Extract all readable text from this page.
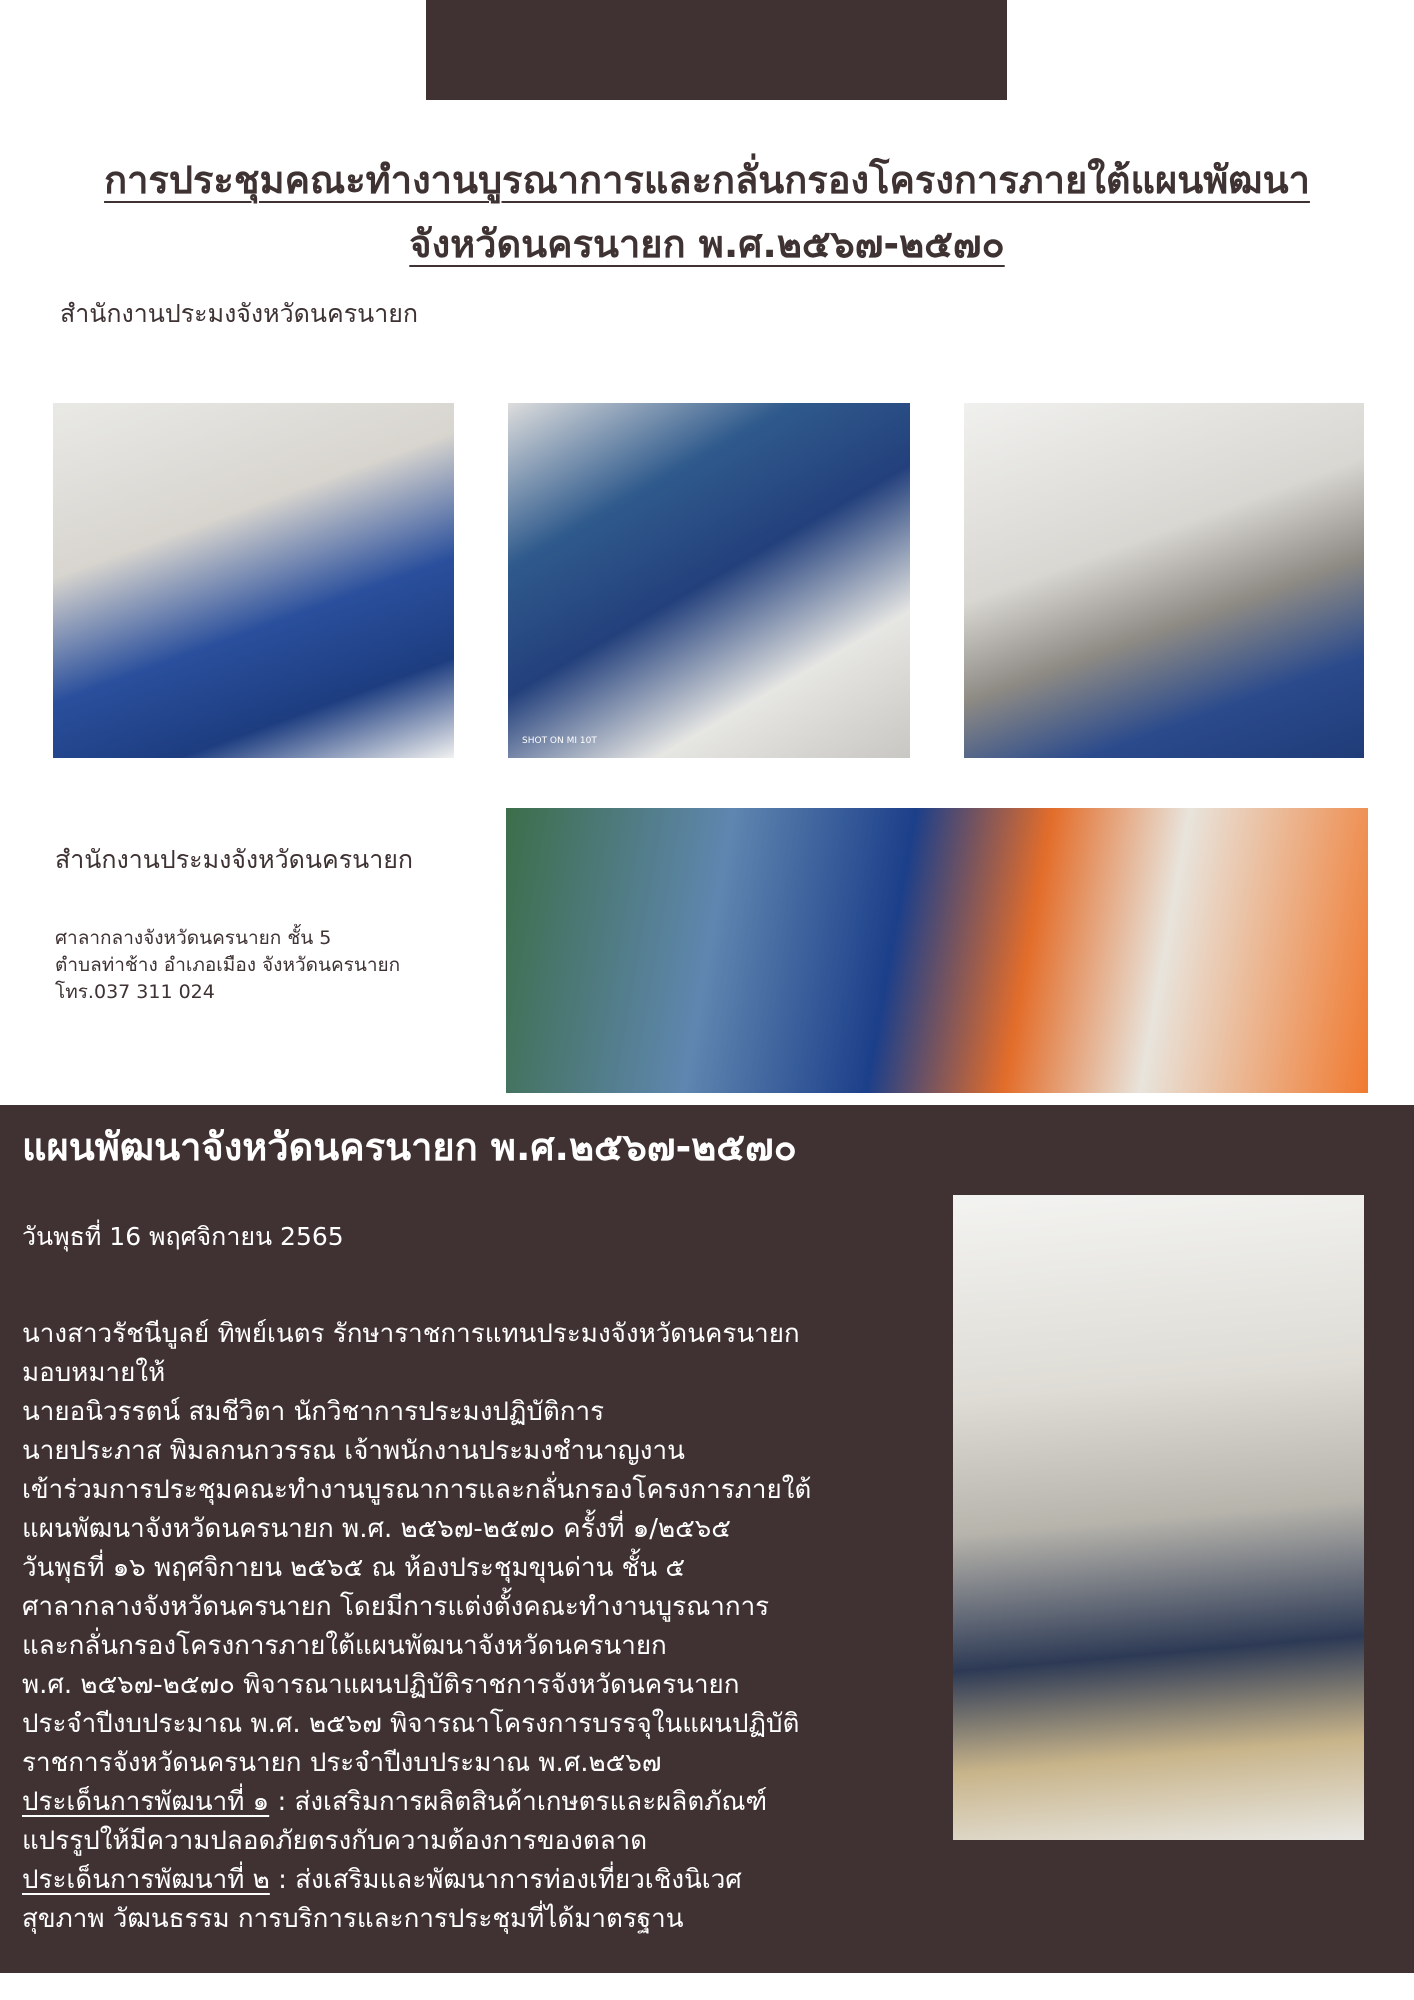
การประชุมคณะทำงานบูรณาการและกลั่นกรองโครงการภายใต้แผนพัฒนา
จังหวัดนครนายก พ.ศ.๒๕๖๗-๒๕๗๐
สำนักงานประมงจังหวัดนครนายก
SHOT ON MI 10T
สำนักงานประมงจังหวัดนครนายก
ศาลากลางจังหวัดนครนายก ชั้น 5
ตำบลท่าช้าง อำเภอเมือง จังหวัดนครนายก
โทร.037 311 024
แผนพัฒนาจังหวัดนครนายก พ.ศ.๒๕๖๗-๒๕๗๐
วันพุธที่ 16 พฤศจิกายน 2565
นางสาวรัชนีบูลย์ ทิพย์เนตร รักษาราชการแทนประมงจังหวัดนครนายก
มอบหมายให้
นายอนิวรรตน์ สมชีวิตา นักวิชาการประมงปฏิบัติการ
นายประภาส พิมลกนกวรรณ เจ้าพนักงานประมงชำนาญงาน
เข้าร่วมการประชุมคณะทำงานบูรณาการและกลั่นกรองโครงการภายใต้
แผนพัฒนาจังหวัดนครนายก พ.ศ. ๒๕๖๗-๒๕๗๐ ครั้งที่ ๑/๒๕๖๕
วันพุธที่ ๑๖ พฤศจิกายน ๒๕๖๕ ณ ห้องประชุมขุนด่าน ชั้น ๕
ศาลากลางจังหวัดนครนายก โดยมีการแต่งตั้งคณะทำงานบูรณาการ
และกลั่นกรองโครงการภายใต้แผนพัฒนาจังหวัดนครนายก
พ.ศ. ๒๕๖๗-๒๕๗๐ พิจารณาแผนปฏิบัติราชการจังหวัดนครนายก
ประจำปีงบประมาณ พ.ศ. ๒๕๖๗ พิจารณาโครงการบรรจุในแผนปฏิบัติ
ราชการจังหวัดนครนายก ประจำปีงบประมาณ พ.ศ.๒๕๖๗
ประเด็นการพัฒนาที่ ๑ : ส่งเสริมการผลิตสินค้าเกษตรและผลิตภัณฑ์
แปรรูปให้มีความปลอดภัยตรงกับความต้องการของตลาด
ประเด็นการพัฒนาที่ ๒ : ส่งเสริมและพัฒนาการท่องเที่ยวเชิงนิเวศ
สุขภาพ วัฒนธรรม การบริการและการประชุมที่ได้มาตรฐาน
